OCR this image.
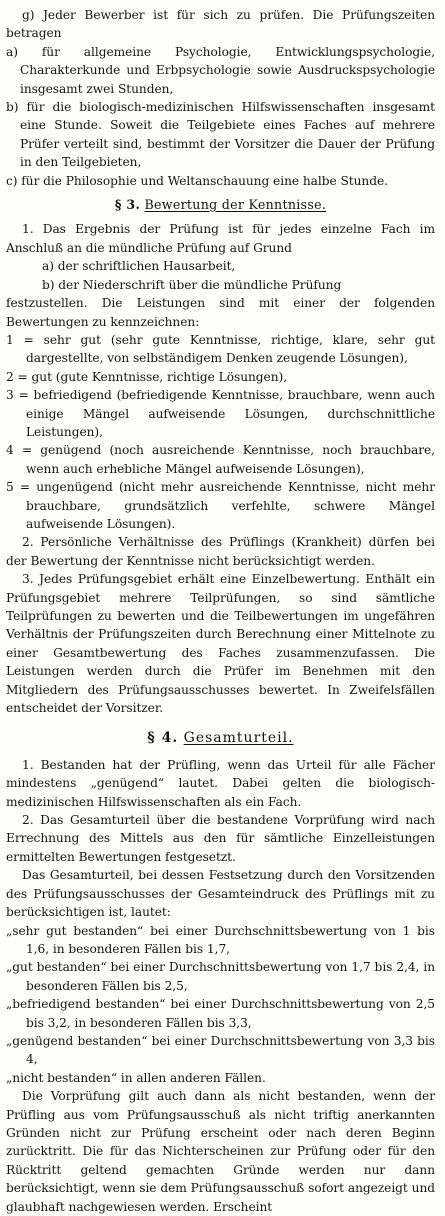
g) Jeder Bewerber ist für sich zu prüfen. Die Prüfungszeiten betragen

a) für allgemeine Psychologie, Entwicklungspsychologie, Charakterkunde und Erbpsychologie sowie Ausdruckspsychologie insgesamt zwei Stunden,

b) für die biologisch-medizinischen Hilfswissenschaften insgesamt eine Stunde. Soweit die Teilgebiete eines Faches auf mehrere Prüfer verteilt sind, bestimmt der Vorsitzer die Dauer der Prüfung in den Teilgebieten,

c) für die Philosophie und Weltanschauung eine halbe Stunde.

§ 3. Bewertung der Kenntnisse.

1. Das Ergebnis der Prüfung ist für jedes einzelne Fach im Anschluß an die mündliche Prüfung auf Grund

a) der schriftlichen Hausarbeit,

b) der Niederschrift über die mündliche Prüfung

festzustellen. Die Leistungen sind mit einer der folgenden Bewertungen zu kennzeichnen:

1 = sehr gut (sehr gute Kenntnisse, richtige, klare, sehr gut dargestellte, von selbständigem Denken zeugende Lösungen),

2 = gut (gute Kenntnisse, richtige Lösungen),

3 = befriedigend (befriedigende Kenntnisse, brauchbare, wenn auch einige Mängel aufweisende Lösungen, durchschnittliche Leistungen),

4 = genügend (noch ausreichende Kenntnisse, noch brauchbare, wenn auch erhebliche Mängel aufweisende Lösungen),

5 = ungenügend (nicht mehr ausreichende Kenntnisse, nicht mehr brauchbare, grundsätzlich verfehlte, schwere Mängel aufweisende Lösungen).

2. Persönliche Verhältnisse des Prüflings (Krankheit) dürfen bei der Bewertung der Kenntnisse nicht berücksichtigt werden.

3. Jedes Prüfungsgebiet erhält eine Einzelbewertung. Enthält ein Prüfungsgebiet mehrere Teilprüfungen, so sind sämtliche Teilprüfungen zu bewerten und die Teilbewertungen im ungefähren Verhältnis der Prüfungszeiten durch Berechnung einer Mittelnote zu einer Gesamtbewertung des Faches zusammenzufassen. Die Leistungen werden durch die Prüfer im Benehmen mit den Mitgliedern des Prüfungsausschusses bewertet. In Zweifelsfällen entscheidet der Vorsitzer.

§ 4. Gesamturteil.

1. Bestanden hat der Prüfling, wenn das Urteil für alle Fächer mindestens „genügend“ lautet. Dabei gelten die biologisch-medizinischen Hilfswissenschaften als ein Fach.

2. Das Gesamturteil über die bestandene Vorprüfung wird nach Errechnung des Mittels aus den für sämtliche Einzelleistungen ermittelten Bewertungen festgesetzt.

Das Gesamturteil, bei dessen Festsetzung durch den Vorsitzenden des Prüfungsausschusses der Gesamteindruck des Prüflings mit zu berücksichtigen ist, lautet:

„sehr gut bestanden“ bei einer Durchschnittsbewertung von 1 bis 1,6, in besonderen Fällen bis 1,7,

„gut bestanden“ bei einer Durchschnittsbewertung von 1,7 bis 2,4, in besonderen Fällen bis 2,5,

„befriedigend bestanden“ bei einer Durchschnittsbewertung von 2,5 bis 3,2, in besonderen Fällen bis 3,3,

„genügend bestanden“ bei einer Durchschnittsbewertung von 3,3 bis 4,

„nicht bestanden“ in allen anderen Fällen.

Die Vorprüfung gilt auch dann als nicht bestanden, wenn der Prüfling aus vom Prüfungsausschuß als nicht triftig anerkannten Gründen nicht zur Prüfung erscheint oder nach deren Beginn zurücktritt. Die für das Nichterscheinen zur Prüfung oder für den Rücktritt geltend gemachten Gründe werden nur dann berücksichtigt, wenn sie dem Prüfungsausschuß sofort angezeigt und glaubhaft nachgewiesen werden. Erscheint
